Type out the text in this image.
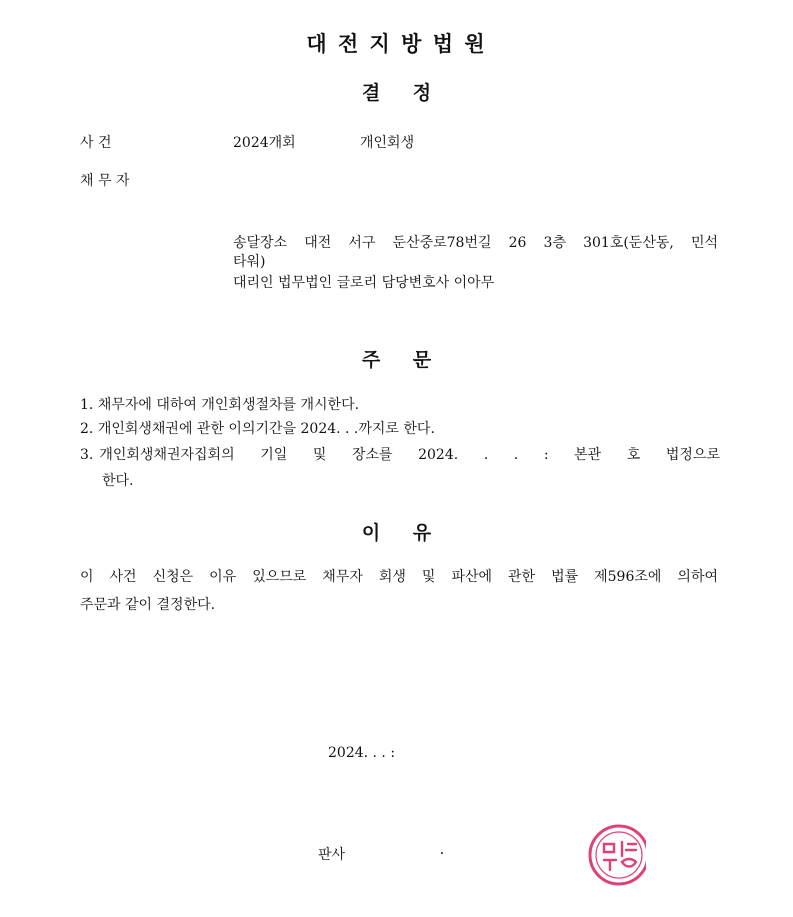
대 전 지 방 법 원
결 정
사 건	2024개회	개인회생
채 무 자
송달장소 대전 서구 둔산중로78번길 26 3층 301호(둔산동, 민석
타워)
대리인 법무법인 글로리 담당변호사 이아무
주 문
1. 채무자에 대하여 개인회생절차를 개시한다.
2. 개인회생채권에 관한 이의기간을 2024. . .까지로 한다.
3. 개인회생채권자집회의 기일 및 장소를 2024. . . : 본관 호 법정으로
한다.
이 유
이 사건 신청은 이유 있으므로 채무자 회생 및 파산에 관한 법률 제596조에 의하여
주문과 같이 결정한다.
2024. . . :
판사
